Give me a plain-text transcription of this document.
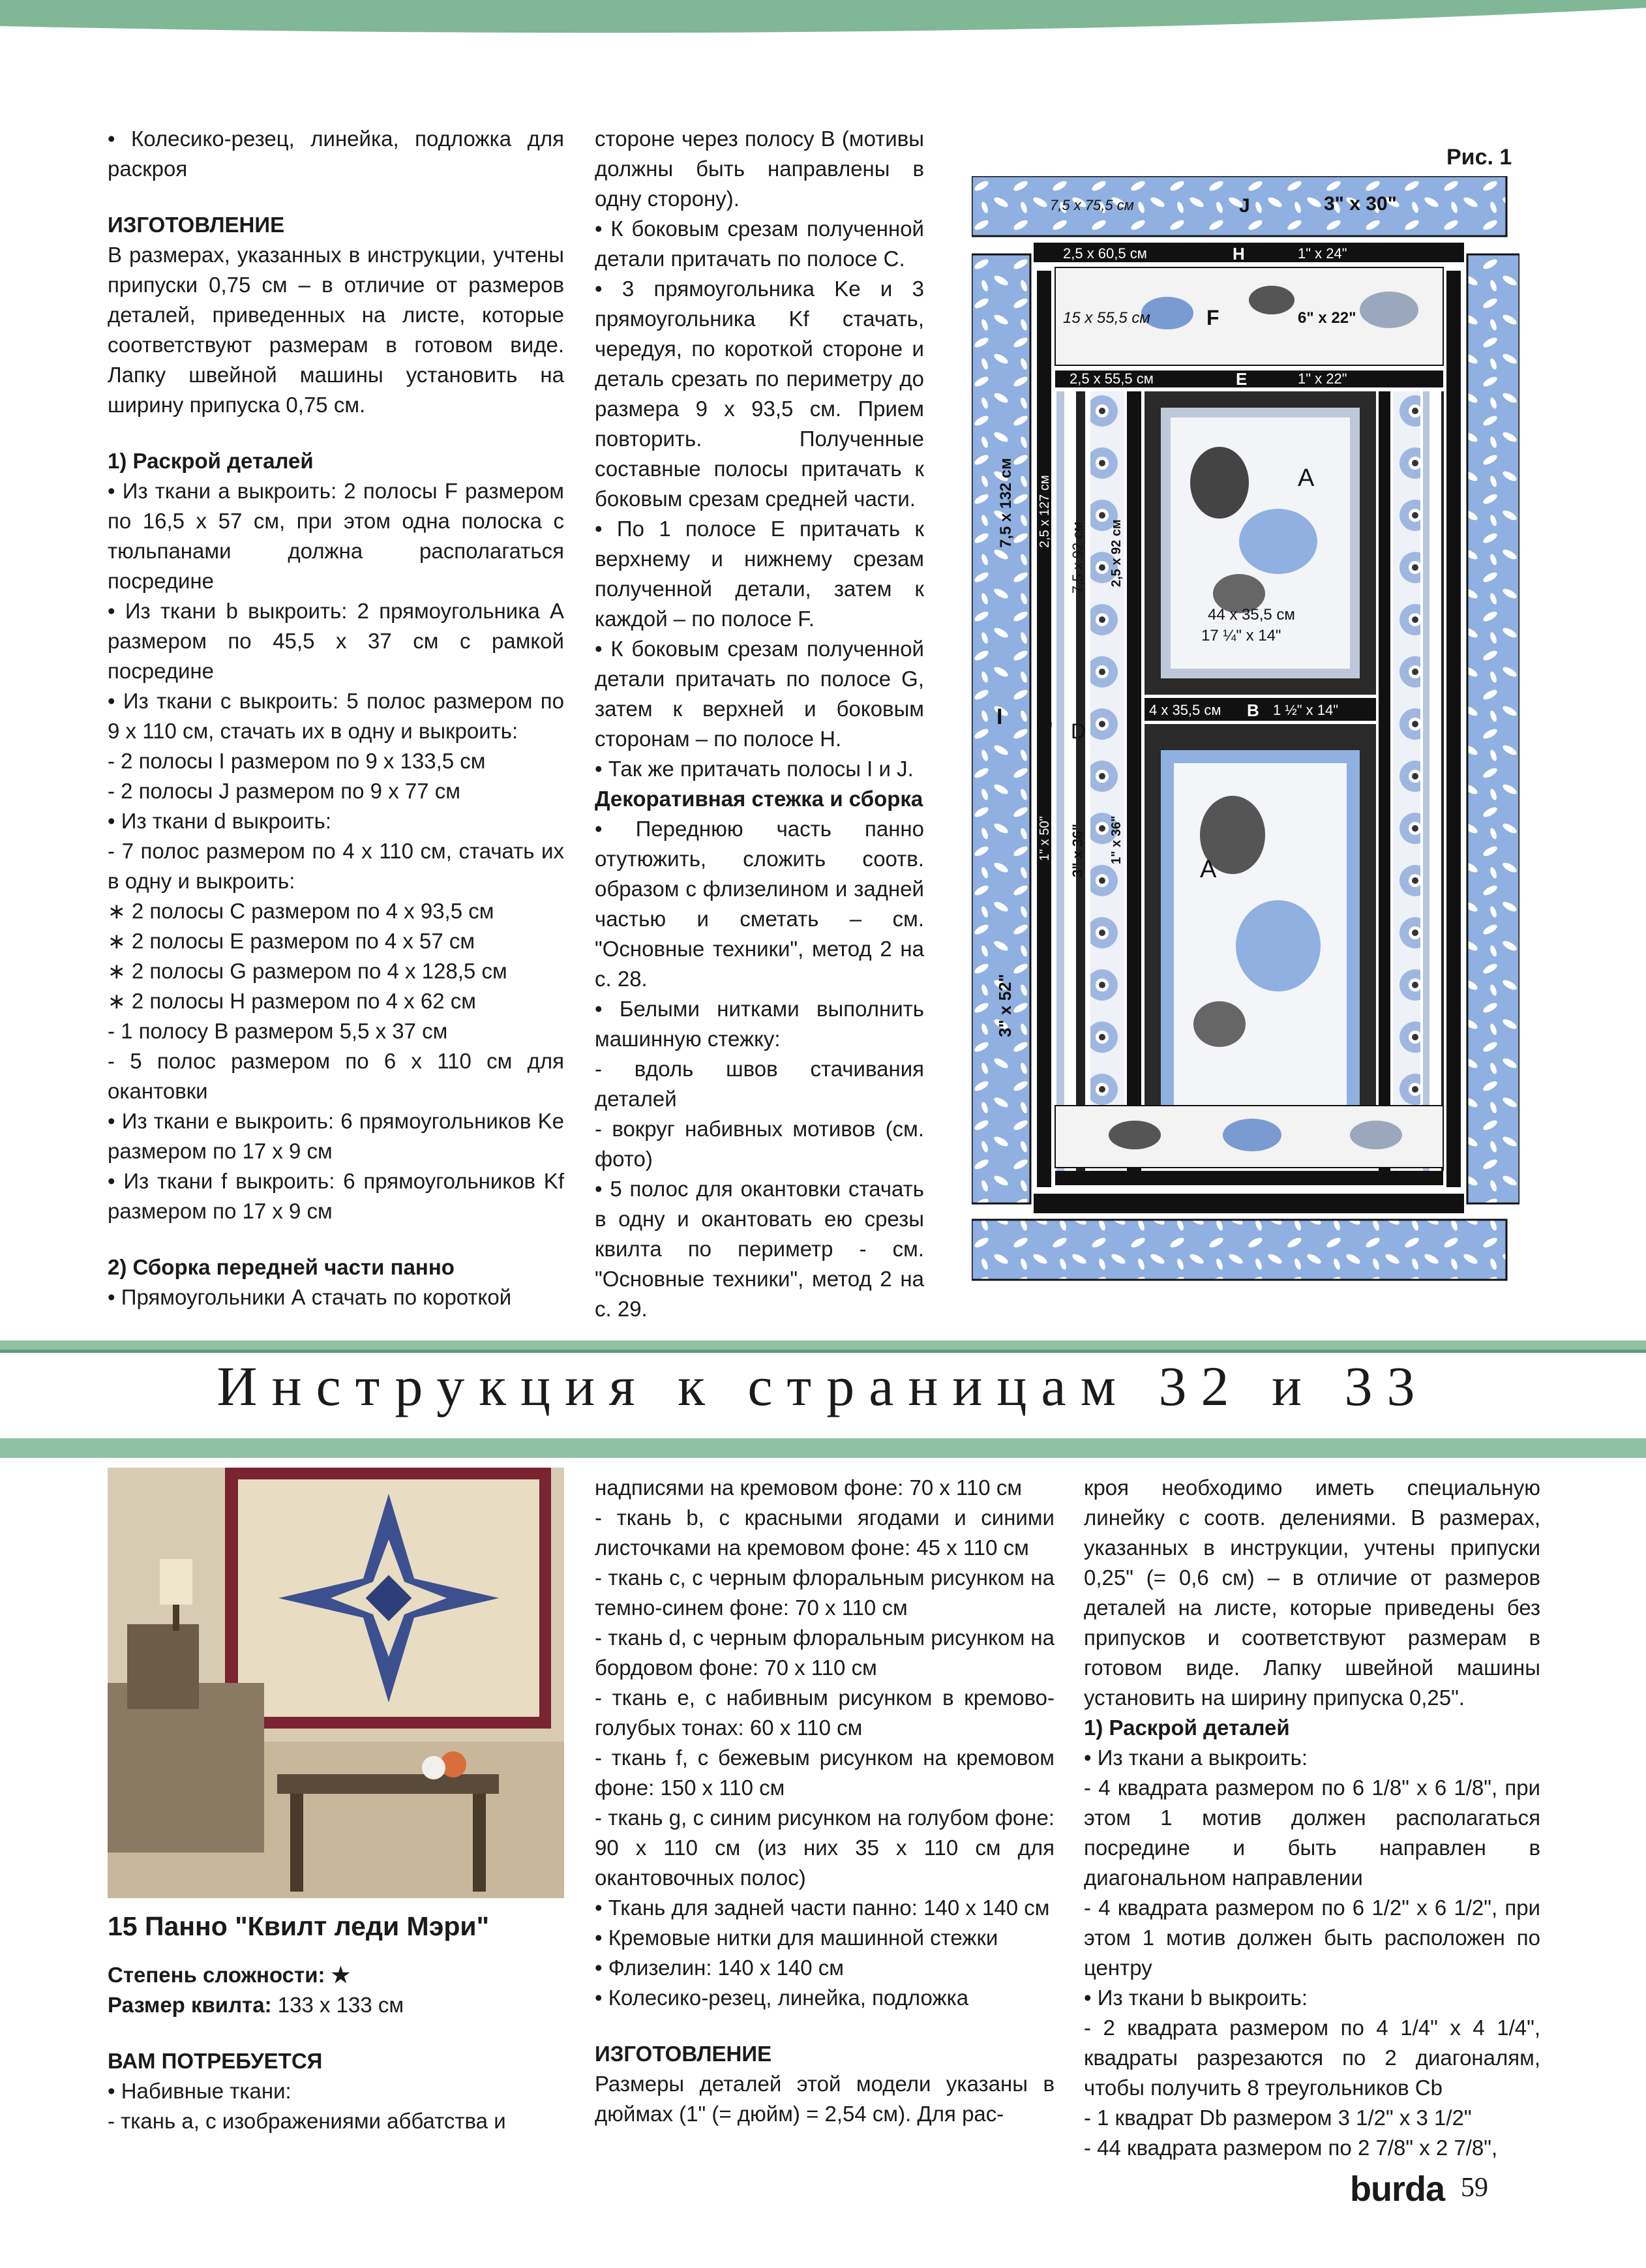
• Колесико-резец, линейка, подложка для раскроя

ИЗГОТОВЛЕНИЕ

В размерах, указанных в инструкции, учтены припуски 0,75 см – в отличие от размеров деталей, приведенных на листе, которые соответствуют размерам в готовом виде. Лапку швейной машины установить на ширину припуска 0,75 см.

1) Раскрой деталей

• Из ткани a выкроить: 2 полосы F размером по 16,5 х 57 см, при этом одна полоска с тюльпанами должна располагаться посредине

• Из ткани b выкроить: 2 прямоугольника А размером по 45,5 х 37 см с рамкой посредине

• Из ткани c выкроить: 5 полос размером по 9 х 110 см, стачать их в одну и выкроить:

- 2 полосы I размером по 9 х 133,5 см

- 2 полосы J размером по 9 х 77 см

• Из ткани d выкроить:

- 7 полос размером по 4 х 110 см, стачать их в одну и выкроить:

∗ 2 полосы C размером по 4 х 93,5 см

∗ 2 полосы E размером по 4 х 57 см

∗ 2 полосы G размером по 4 х 128,5 см

∗ 2 полосы H размером по 4 х 62 см

- 1 полосу B размером 5,5 х 37 см

- 5 полос размером по 6 х 110 см для окантовки

• Из ткани e выкроить: 6 прямоугольников Ke размером по 17 х 9 см

• Из ткани f выкроить: 6 прямоугольников Kf размером по 17 х 9 см

2) Сборка передней части панно

• Прямоугольники А стачать по короткой

стороне через полосу B (мотивы должны быть направлены в одну сторону).

• К боковым срезам полученной детали притачать по полосе С.

• 3 прямоугольника Ke и 3 прямоугольника Kf стачать, чередуя, по короткой стороне и деталь срезать по периметру до размера 9 х 93,5 см. Прием повторить. Полученные составные полосы притачать к боковым срезам средней части.

• По 1 полосе Е притачать к верхнему и нижнему срезам полученной детали, затем к каждой – по полосе F.

• К боковым срезам полученной детали притачать по полосе G, затем к верхней и боковым сторонам – по полосе H.

• Так же притачать полосы I и J.

Декоративная стежка и сборка

• Переднюю часть панно отутюжить, сложить соотв. образом с флизелином и задней частью и сметать – см. "Основные техники", метод 2 на с. 28.

• Белыми нитками выполнить машинную стежку:

- вдоль швов стачивания деталей

- вокруг набивных мотивов (см. фото)

• 5 полос для окантовки стачать в одну и окантовать ею срезы квилта по периметр - см. "Основные техники", метод 2 на с. 29.

Рис. 1
7,5 х 75,5 см	J	3" х 30"
2,5 х 60,5 см	H	1" х 24"
15 х 55,5 см	F	6" х 22"
2,5 х 55,5 см	E	1" х 22"
A
44 х 35,5 см
17 ¼" х 14"
4 х 35,5 см B 1 ½" х 14"
A
7,5 х 132 см
I
3" х 52"
2,5 х 127 см
G
1" х 50"
7,5 х 92 см
D
3" х 36"
2,5 х 92 см
C
1" х 36"
Инструкция к страницам 32 и 33
15 Панно "Квилт леди Мэри"

Степень сложности: ★

Размер квилта: 133 х 133 см

ВАМ ПОТРЕБУЕТСЯ

• Набивные ткани:

- ткань a, с изображениями аббатства и

надписями на кремовом фоне: 70 х 110 см

- ткань b, с красными ягодами и синими листочками на кремовом фоне: 45 х 110 см

- ткань c, с черным флоральным рисунком на темно-синем фоне: 70 х 110 см

- ткань d, с черным флоральным рисунком на бордовом фоне: 70 х 110 см

- ткань e, с набивным рисунком в кремово-голубых тонах: 60 х 110 см

- ткань f, с бежевым рисунком на кремовом фоне: 150 х 110 см

- ткань g, с синим рисунком на голубом фоне: 90 х 110 см (из них 35 х 110 см для окантовочных полос)

• Ткань для задней части панно: 140 х 140 см

• Кремовые нитки для машинной стежки

• Флизелин: 140 х 140 см

• Колесико-резец, линейка, подложка

ИЗГОТОВЛЕНИЕ

Размеры деталей этой модели указаны в дюймах (1" (= дюйм) = 2,54 см). Для рас-

кроя необходимо иметь специальную линейку с соотв. делениями. В размерах, указанных в инструкции, учтены припуски 0,25" (= 0,6 см) – в отличие от размеров деталей на листе, которые приведены без припусков и соответствуют размерам в готовом виде. Лапку швейной машины установить на ширину припуска 0,25".

1) Раскрой деталей

• Из ткани a выкроить:

- 4 квадрата размером по 6 1/8" х 6 1/8", при этом 1 мотив должен располагаться посредине и быть направлен в диагональном направлении

- 4 квадрата размером по 6 1/2" х 6 1/2", при этом 1 мотив должен быть расположен по центру

• Из ткани b выкроить:

- 2 квадрата размером по 4 1/4" х 4 1/4", квадраты разрезаются по 2 диагоналям, чтобы получить 8 треугольников Cb

- 1 квадрат Db размером 3 1/2" х 3 1/2"

- 44 квадрата размером по 2 7/8" х 2 7/8",

burda 59
